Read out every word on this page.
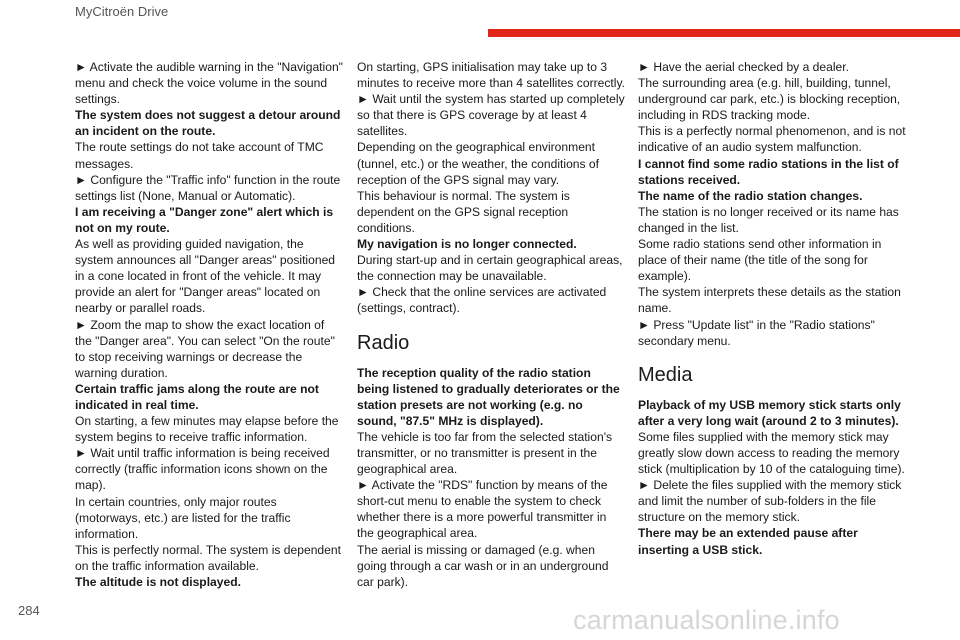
MyCitroën Drive

► Activate the audible warning in the "Navigation" menu and check the voice volume in the sound settings.

The system does not suggest a detour around an incident on the route.

The route settings do not take account of TMC messages.

► Configure the "Traffic info" function in the route settings list (None, Manual or Automatic).

I am receiving a "Danger zone" alert which is not on my route.

As well as providing guided navigation, the system announces all "Danger areas" positioned in a cone located in front of the vehicle. It may provide an alert for "Danger areas" located on nearby or parallel roads.

► Zoom the map to show the exact location of the "Danger area". You can select "On the route" to stop receiving warnings or decrease the warning duration.

Certain traffic jams along the route are not indicated in real time.

On starting, a few minutes may elapse before the system begins to receive traffic information.

► Wait until traffic information is being received correctly (traffic information icons shown on the map).

In certain countries, only major routes (motorways, etc.) are listed for the traffic information.

This is perfectly normal. The system is dependent on the traffic information available.

The altitude is not displayed.

On starting, GPS initialisation may take up to 3 minutes to receive more than 4 satellites correctly.

► Wait until the system has started up completely so that there is GPS coverage by at least 4 satellites.

Depending on the geographical environment (tunnel, etc.) or the weather, the conditions of reception of the GPS signal may vary.

This behaviour is normal. The system is dependent on the GPS signal reception conditions.

My navigation is no longer connected.

During start-up and in certain geographical areas, the connection may be unavailable.

► Check that the online services are activated (settings, contract).

Radio

The reception quality of the radio station being listened to gradually deteriorates or the station presets are not working (e.g. no sound, "87.5" MHz is displayed).

The vehicle is too far from the selected station's transmitter, or no transmitter is present in the geographical area.

► Activate the "RDS" function by means of the short-cut menu to enable the system to check whether there is a more powerful transmitter in the geographical area.

The aerial is missing or damaged (e.g. when going through a car wash or in an underground car park).

► Have the aerial checked by a dealer.

The surrounding area (e.g. hill, building, tunnel, underground car park, etc.) is blocking reception, including in RDS tracking mode.

This is a perfectly normal phenomenon, and is not indicative of an audio system malfunction.

I cannot find some radio stations in the list of stations received.

The name of the radio station changes.

The station is no longer received or its name has changed in the list.

Some radio stations send other information in place of their name (the title of the song for example).

The system interprets these details as the station name.

► Press "Update list" in the "Radio stations" secondary menu.

Media

Playback of my USB memory stick starts only after a very long wait (around 2 to 3 minutes).

Some files supplied with the memory stick may greatly slow down access to reading the memory stick (multiplication by 10 of the cataloguing time).

► Delete the files supplied with the memory stick and limit the number of sub-folders in the file structure on the memory stick.

There may be an extended pause after inserting a USB stick.

284	carmanualsonline.info
